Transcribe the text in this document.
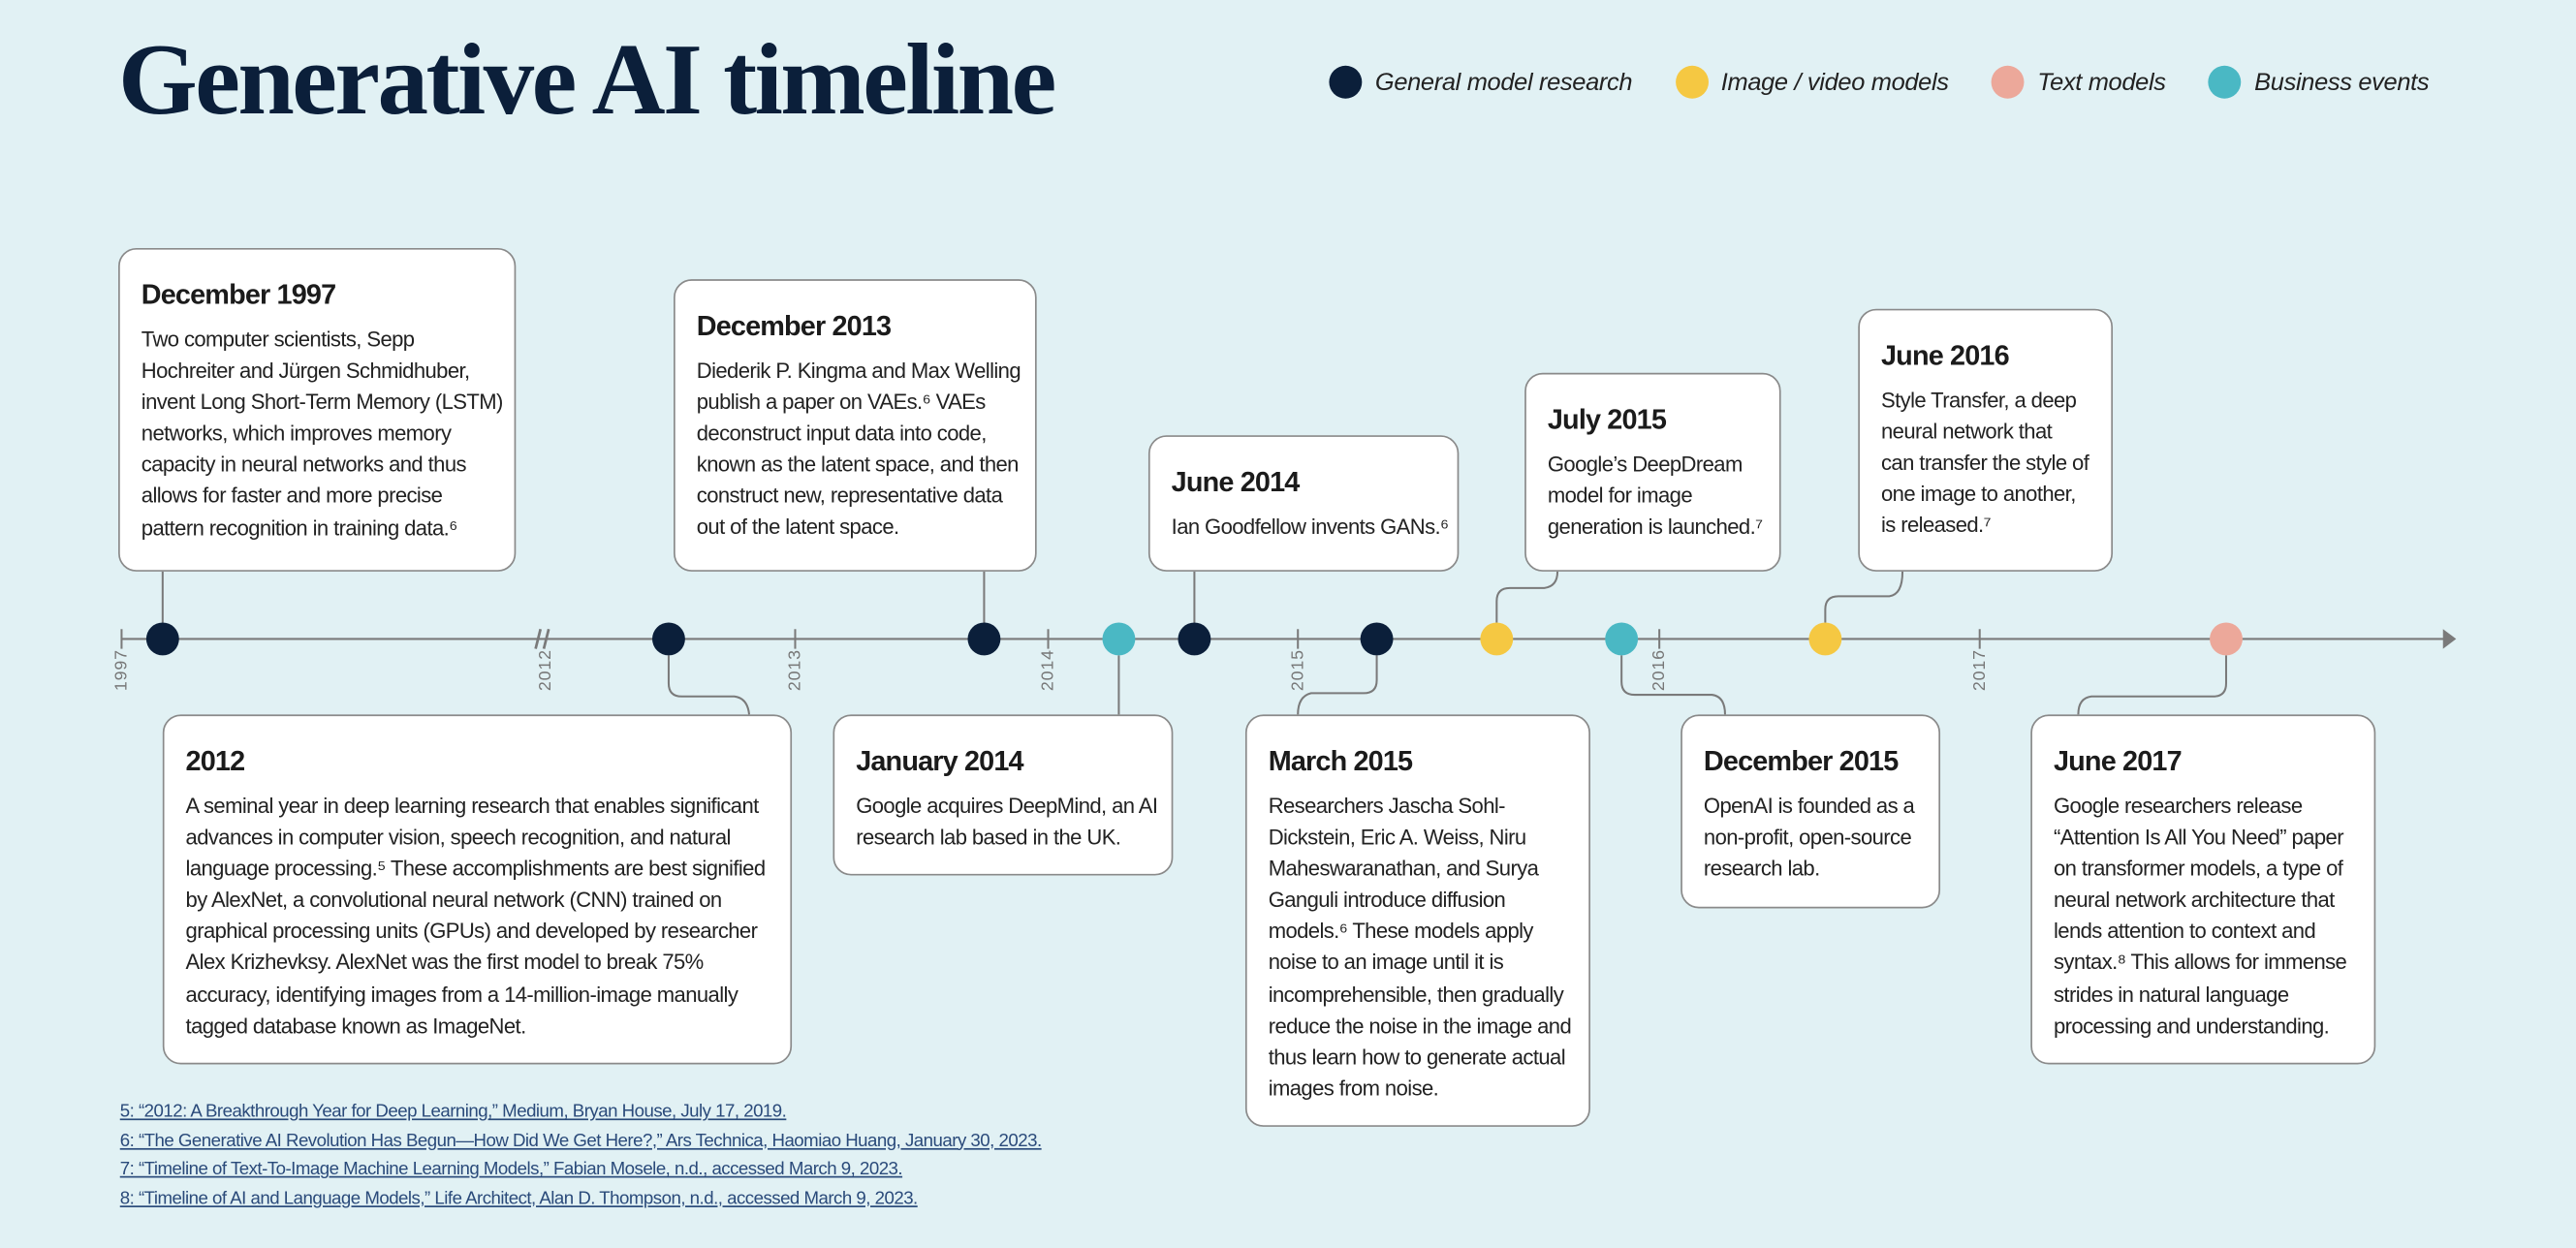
Generative AI timeline	General model research	Image / video models	Text models	Business events
1997	2012	2013	2014	2015	2016	2017
December 1997
Two computer scientists, Sepp
Hochreiter and Jürgen Schmidhuber,
invent Long Short-Term Memory (LSTM)
networks, which improves memory
capacity in neural networks and thus
allows for faster and more precise
pattern recognition in training data.⁶
2012
A seminal year in deep learning research that enables significant
advances in computer vision, speech recognition, and natural
language processing.⁵ These accomplishments are best signified
by AlexNet, a convolutional neural network (CNN) trained on
graphical processing units (GPUs) and developed by researcher
Alex Krizhevksy. AlexNet was the first model to break 75%
accuracy, identifying images from a 14-million-image manually
tagged database known as ImageNet.
December 2013
Diederik P. Kingma and Max Welling
publish a paper on VAEs.⁶ VAEs
deconstruct input data into code,
known as the latent space, and then
construct new, representative data
out of the latent space.
January 2014
Google acquires DeepMind, an AI
research lab based in the UK.
June 2014
Ian Goodfellow invents GANs.⁶
March 2015
Researchers Jascha Sohl-
Dickstein, Eric A. Weiss, Niru
Maheswaranathan, and Surya
Ganguli introduce diffusion
models.⁶ These models apply
noise to an image until it is
incomprehensible, then gradually
reduce the noise in the image and
thus learn how to generate actual
images from noise.
July 2015
Google’s DeepDream
model for image
generation is launched.⁷
December 2015
OpenAI is founded as a
non-profit, open-source
research lab.
June 2016
Style Transfer, a deep
neural network that
can transfer the style of
one image to another,
is released.⁷
June 2017
Google researchers release
“Attention Is All You Need” paper
on transformer models, a type of
neural network architecture that
lends attention to context and
syntax.⁸ This allows for immense
strides in natural language
processing and understanding.
5: “2012: A Breakthrough Year for Deep Learning,” Medium, Bryan House, July 17, 2019.
6: “The Generative AI Revolution Has Begun—How Did We Get Here?,” Ars Technica, Haomiao Huang, January 30, 2023.
7: “Timeline of Text-To-Image Machine Learning Models,” Fabian Mosele, n.d., accessed March 9, 2023.
8: “Timeline of AI and Language Models,” Life Architect, Alan D. Thompson, n.d., accessed March 9, 2023.
